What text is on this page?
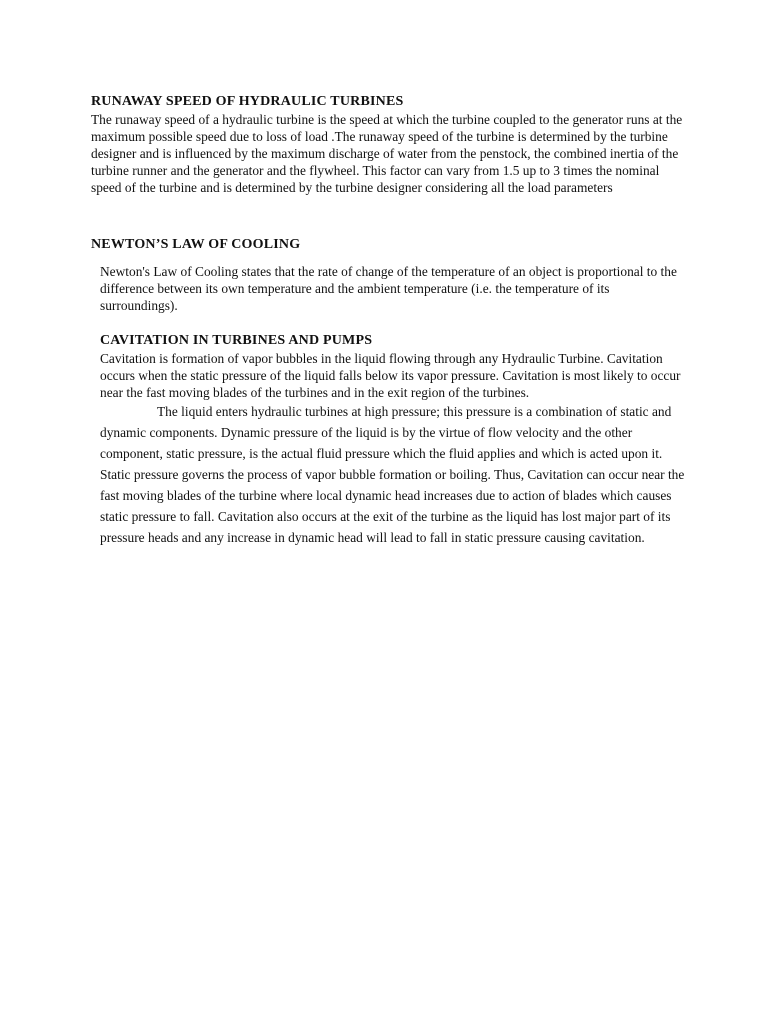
RUNAWAY SPEED OF HYDRAULIC TURBINES

The runaway speed of a hydraulic turbine is the speed at which the turbine coupled to the generator runs at the maximum possible speed due to loss of load .The runaway speed of the turbine is determined by the turbine designer and is influenced by the maximum discharge of water from the penstock, the combined inertia of the turbine runner and the generator and the flywheel. This factor can vary from 1.5 up to 3 times the nominal speed of the turbine and is determined by the turbine designer considering all the load parameters

NEWTON’S LAW OF COOLING

Newton's Law of Cooling states that the rate of change of the temperature of an object is proportional to the difference between its own temperature and the ambient temperature (i.e. the temperature of its surroundings).

CAVITATION IN TURBINES AND PUMPS

Cavitation is formation of vapor bubbles in the liquid flowing through any Hydraulic Turbine. Cavitation occurs when the static pressure of the liquid falls below its vapor pressure. Cavitation is most likely to occur near the fast moving blades of the turbines and in the exit region of the turbines.

The liquid enters hydraulic turbines at high pressure; this pressure is a combination of static and dynamic components. Dynamic pressure of the liquid is by the virtue of flow velocity and the other component, static pressure, is the actual fluid pressure which the fluid applies and which is acted upon it. Static pressure governs the process of vapor bubble formation or boiling. Thus, Cavitation can occur near the fast moving blades of the turbine where local dynamic head increases due to action of blades which causes static pressure to fall. Cavitation also occurs at the exit of the turbine as the liquid has lost major part of its pressure heads and any increase in dynamic head will lead to fall in static pressure causing cavitation.
